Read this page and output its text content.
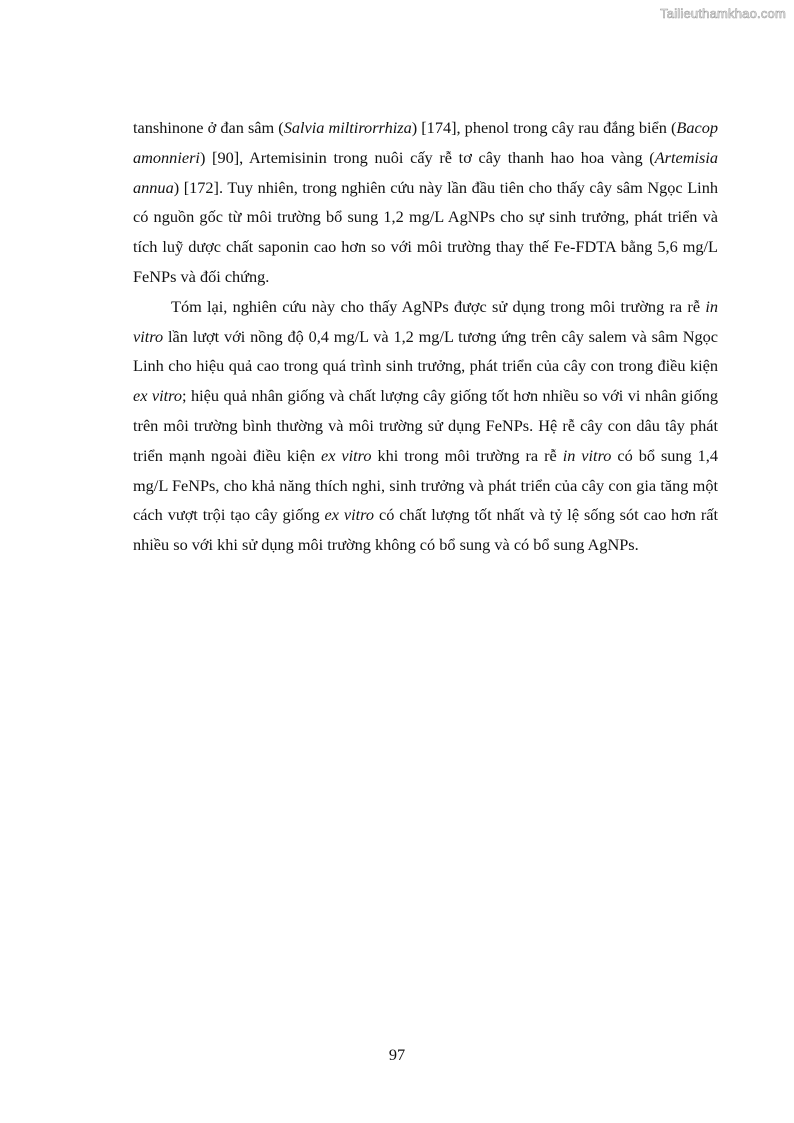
Tailieuthamkhao.com

tanshinone ở đan sâm (Salvia miltirorrhiza) [174], phenol trong cây rau đắng biển (Bacop amonnieri) [90], Artemisinin trong nuôi cấy rễ tơ cây thanh hao hoa vàng (Artemisia annua) [172]. Tuy nhiên, trong nghiên cứu này lần đầu tiên cho thấy cây sâm Ngọc Linh có nguồn gốc từ môi trường bổ sung 1,2 mg/L AgNPs cho sự sinh trưởng, phát triển và tích luỹ dược chất saponin cao hơn so với môi trường thay thế Fe-FDTA bằng 5,6 mg/L FeNPs và đối chứng.

Tóm lại, nghiên cứu này cho thấy AgNPs được sử dụng trong môi trường ra rễ in vitro lần lượt với nồng độ 0,4 mg/L và 1,2 mg/L tương ứng trên cây salem và sâm Ngọc Linh cho hiệu quả cao trong quá trình sinh trưởng, phát triển của cây con trong điều kiện ex vitro; hiệu quả nhân giống và chất lượng cây giống tốt hơn nhiều so với vi nhân giống trên môi trường bình thường và môi trường sử dụng FeNPs. Hệ rễ cây con dâu tây phát triển mạnh ngoài điều kiện ex vitro khi trong môi trường ra rễ in vitro có bổ sung 1,4 mg/L FeNPs, cho khả năng thích nghi, sinh trưởng và phát triển của cây con gia tăng một cách vượt trội tạo cây giống ex vitro có chất lượng tốt nhất và tỷ lệ sống sót cao hơn rất nhiều so với khi sử dụng môi trường không có bổ sung và có bổ sung AgNPs.

97
